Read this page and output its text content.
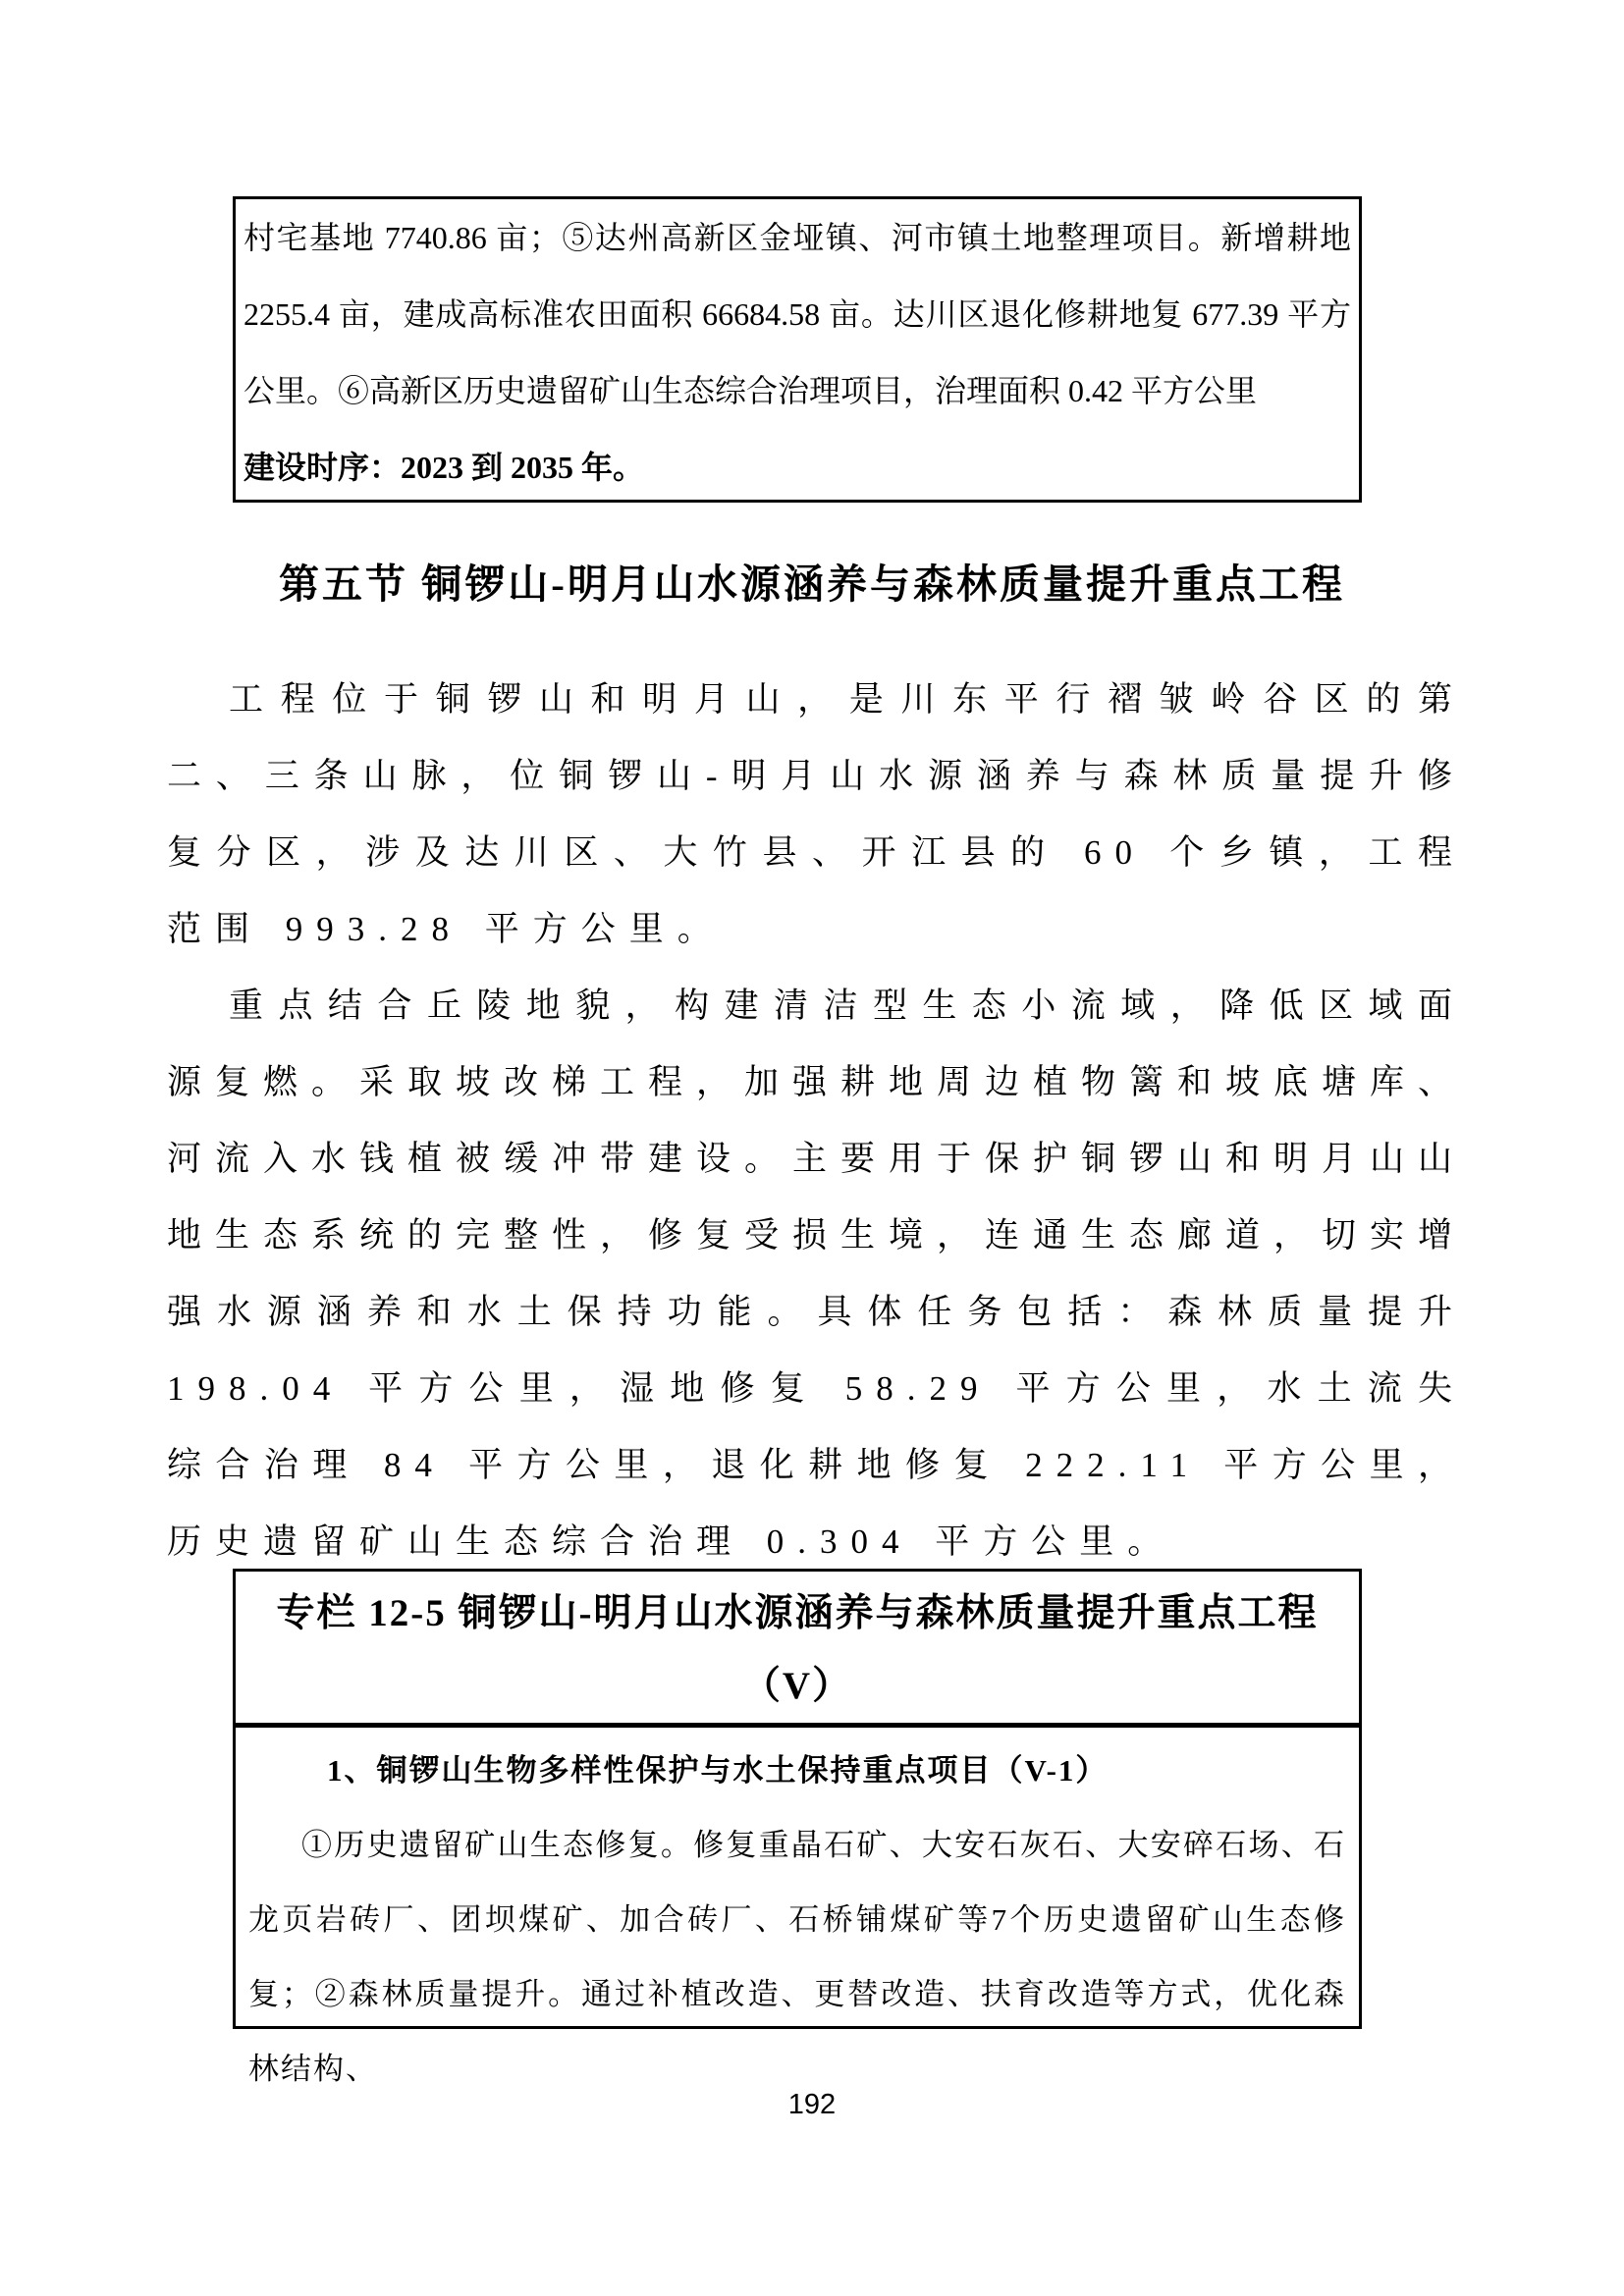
村宅基地 7740.86 亩；⑤达州高新区金垭镇、河市镇土地整理项目。新增耕地2255.4 亩，建成高标准农田面积 66684.58 亩。达川区退化修耕地复 677.39 平方公里。⑥高新区历史遗留矿山生态综合治理项目，治理面积 0.42 平方公里
建设时序：2023 到 2035 年。

第五节 铜锣山-明月山水源涵养与森林质量提升重点工程

工程位于铜锣山和明月山，是川东平行褶皱岭谷区的第二、三条山脉，位铜锣山-明月山水源涵养与森林质量提升修复分区，涉及达川区、大竹县、开江县的 60 个乡镇，工程范围 993.28 平方公里。

重点结合丘陵地貌，构建清洁型生态小流域，降低区域面源复燃。采取坡改梯工程，加强耕地周边植物篱和坡底塘库、河流入水钱植被缓冲带建设。主要用于保护铜锣山和明月山山地生态系统的完整性，修复受损生境，连通生态廊道，切实增强水源涵养和水土保持功能。具体任务包括：森林质量提升 198.04 平方公里，湿地修复 58.29 平方公里，水土流失综合治理 84 平方公里，退化耕地修复 222.11 平方公里，历史遗留矿山生态综合治理 0.304 平方公里。

专栏 12-5 铜锣山-明月山水源涵养与森林质量提升重点工程
（V）

1、铜锣山生物多样性保护与水土保持重点项目（V-1）

①历史遗留矿山生态修复。修复重晶石矿、大安石灰石、大安碎石场、石龙页岩砖厂、团坝煤矿、加合砖厂、石桥铺煤矿等7个历史遗留矿山生态修复；②森林质量提升。通过补植改造、更替改造、扶育改造等方式，优化森林结构、

192
